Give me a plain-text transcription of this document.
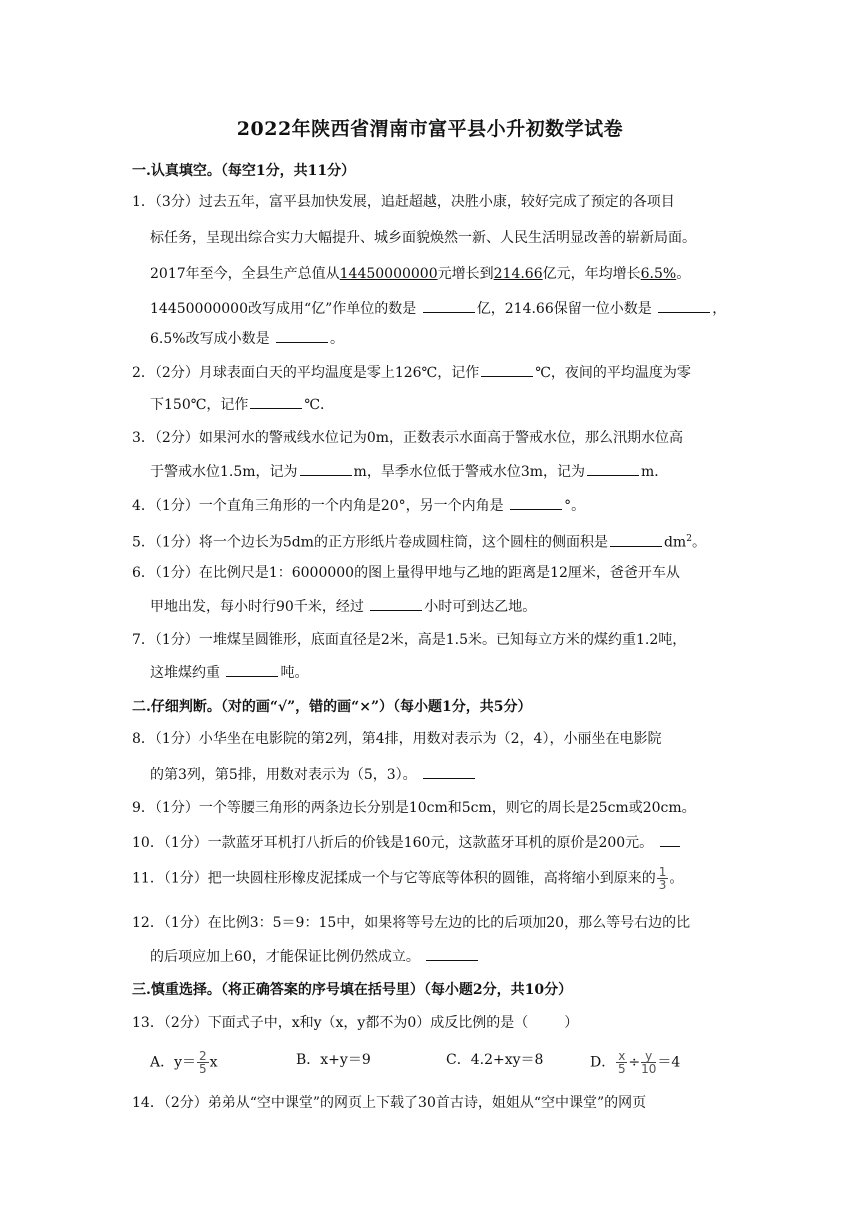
2022年陕西省渭南市富平县小升初数学试卷
一.认真填空。（每空1分，共11分）
1．（3分）过去五年，富平县加快发展，追赶超越，决胜小康，较好完成了预定的各项目
标任务，呈现出综合实力大幅提升、城乡面貌焕然一新、人民生活明显改善的崭新局面。
2017年至今，全县生产总值从14450000000元增长到214.66亿元，年均增长6.5%。
14450000000改写成用“亿”作单位的数是	亿，214.66保留一位小数是	，
6.5%改写成小数是	。
2．（2分）月球表面白天的平均温度是零上126℃，记作	℃，夜间的平均温度为零
下150℃，记作	℃．
3．（2分）如果河水的警戒线水位记为0m，正数表示水面高于警戒水位，那么汛期水位高
于警戒水位1.5m，记为	m，旱季水位低于警戒水位3m，记为	m．
4．（1分）一个直角三角形的一个内角是20°，另一个内角是	°。
5．（1分）将一个边长为5dm的正方形纸片卷成圆柱筒，这个圆柱的侧面积是	$dm^2$。
6．（1分）在比例尺是1：6000000的图上量得甲地与乙地的距离是12厘米，爸爸开车从
甲地出发，每小时行90千米，经过	小时可到达乙地。
7．（1分）一堆煤呈圆锥形，底面直径是2米，高是1.5米。已知每立方米的煤约重1.2吨，
这堆煤约重	吨。
二.仔细判断。（对的画“√”，错的画“×”）（每小题1分，共5分）
8．（1分）小华坐在电影院的第2列，第4排，用数对表示为（2，4），小丽坐在电影院
的第3列，第5排，用数对表示为（5，3）。
9．（1分）一个等腰三角形的两条边长分别是10cm和5cm，则它的周长是25cm或20cm。
10．（1分）一款蓝牙耳机打八折后的价钱是160元，这款蓝牙耳机的原价是200元。
11．（1分）把一块圆柱形橡皮泥揉成一个与它等底等体积的圆锥，高将缩小到原来的 $\frac{1}{3}$ 。
12．（1分）在比例3：5＝9：15中，如果将等号左边的比的后项加20，那么等号右边的比
的后项应加上60，才能保证比例仍然成立。
三.慎重选择。（将正确答案的序号填在括号里）（每小题2分，共10分）
13．（2分）下面式子中，x和y（x，y都不为0）成反比例的是（	）
A．$y= \frac{2}{5}$ x	B．x+y＝9	C．4.2+xy＝8	D． $\frac{x}{5} \div \frac{y}{10} =4$
14．（2分）弟弟从“空中课堂”的网页上下载了30首古诗，姐姐从“空中课堂”的网页
